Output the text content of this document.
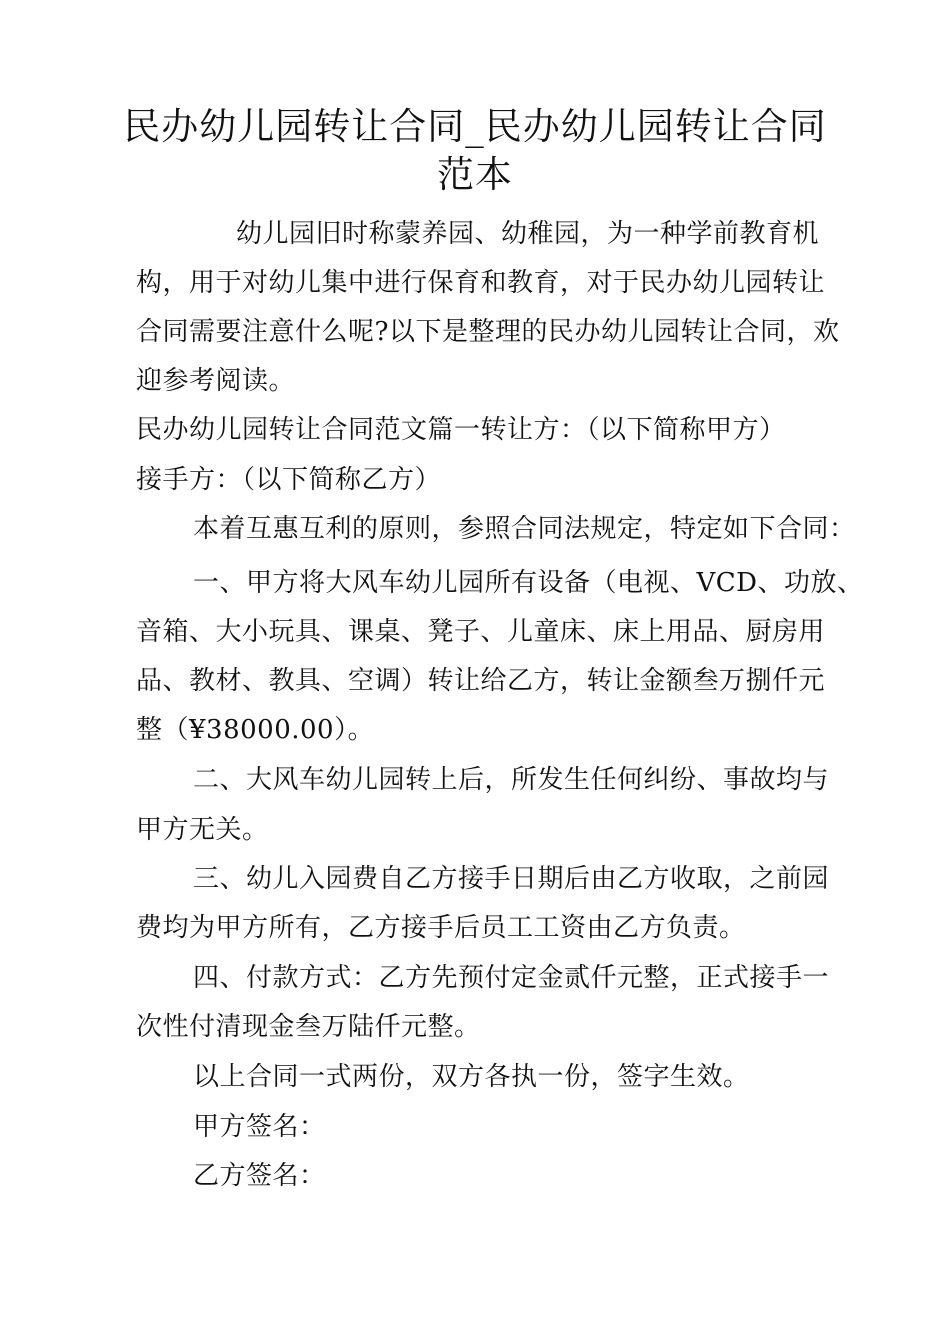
民办幼儿园转让合同_民办幼儿园转让合同
范本
幼儿园旧时称蒙养园、幼稚园，为一种学前教育机
构，用于对幼儿集中进行保育和教育，对于民办幼儿园转让
合同需要注意什么呢?以下是整理的民办幼儿园转让合同，欢
迎参考阅读。
民办幼儿园转让合同范文篇一转让方：（以下简称甲方）
接手方：（以下简称乙方）
本着互惠互利的原则，参照合同法规定，特定如下合同：
一、甲方将大风车幼儿园所有设备（电视、VCD、功放、
音箱、大小玩具、课桌、凳子、儿童床、床上用品、厨房用
品、教材、教具、空调）转让给乙方，转让金额叁万捌仟元
整（¥38000.00）。
二、大风车幼儿园转上后，所发生任何纠纷、事故均与
甲方无关。
三、幼儿入园费自乙方接手日期后由乙方收取，之前园
费均为甲方所有，乙方接手后员工工资由乙方负责。
四、付款方式：乙方先预付定金贰仟元整，正式接手一
次性付清现金叁万陆仟元整。
以上合同一式两份，双方各执一份，签字生效。
甲方签名：
乙方签名：
